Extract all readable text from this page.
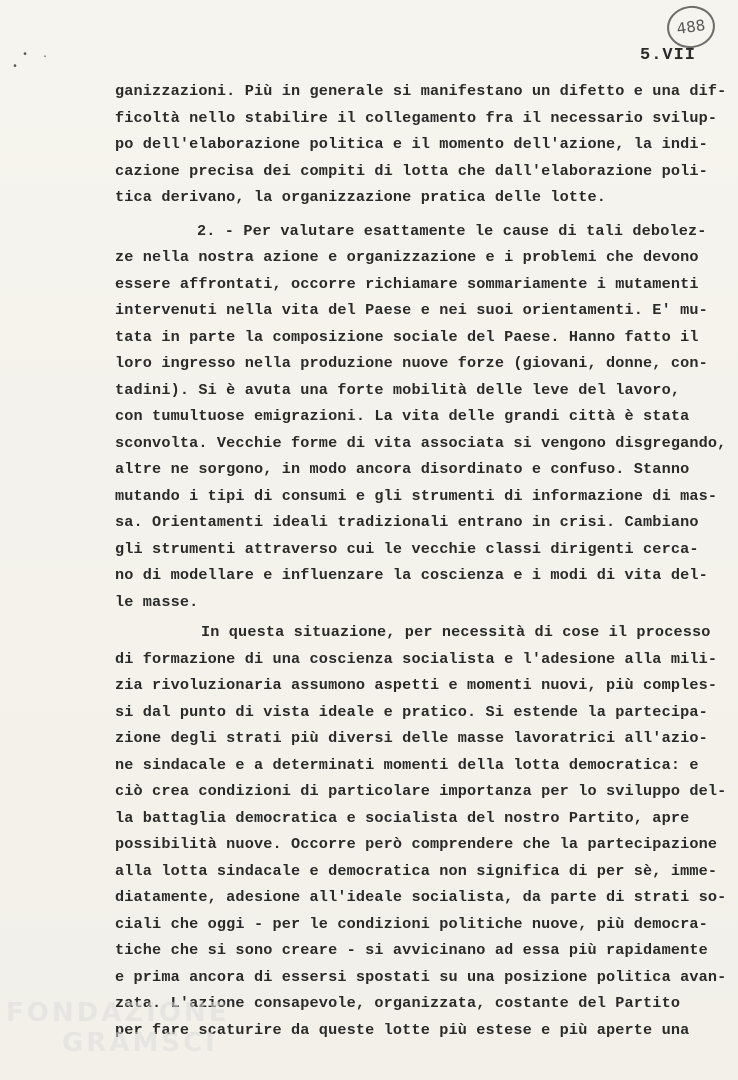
488
5.VII
• ·
•
ganizzazioni. Più in generale si manifestano un difetto e una dif-
ficoltà nello stabilire il collegamento fra il necessario svilup-
po dell'elaborazione politica e il momento dell'azione, la indi-
cazione precisa dei compiti di lotta che dall'elaborazione poli-
tica derivano, la organizzazione pratica delle lotte.
2. - Per valutare esattamente le cause di tali debolez-
ze nella nostra azione e organizzazione e i problemi che devono
essere affrontati, occorre richiamare sommariamente i mutamenti
intervenuti nella vita del Paese e nei suoi orientamenti. E' mu-
tata in parte la composizione sociale del Paese. Hanno fatto il
loro ingresso nella produzione nuove forze (giovani, donne, con-
tadini). Si è avuta una forte mobilità delle leve del lavoro,
con tumultuose emigrazioni. La vita delle grandi città è stata
sconvolta. Vecchie forme di vita associata si vengono disgregando,
altre ne sorgono, in modo ancora disordinato e confuso. Stanno
mutando i tipi di consumi e gli strumenti di informazione di mas-
sa. Orientamenti ideali tradizionali entrano in crisi. Cambiano
gli strumenti attraverso cui le vecchie classi dirigenti cerca-
no di modellare e influenzare la coscienza e i modi di vita del-
le masse.
In questa situazione, per necessità di cose il processo
di formazione di una coscienza socialista e l'adesione alla mili-
zia rivoluzionaria assumono aspetti e momenti nuovi, più comples-
si dal punto di vista ideale e pratico. Si estende la partecipa-
zione degli strati più diversi delle masse lavoratrici all'azio-
ne sindacale e a determinati momenti della lotta democratica: e
ciò crea condizioni di particolare importanza per lo sviluppo del-
la battaglia democratica e socialista del nostro Partito, apre
possibilità nuove. Occorre però comprendere che la partecipazione
alla lotta sindacale e democratica non significa di per sè, imme-
diatamente, adesione all'ideale socialista, da parte di strati so-
ciali che oggi - per le condizioni politiche nuove, più democra-
tiche che si sono creare - si avvicinano ad essa più rapidamente
e prima ancora di essersi spostati su una posizione politica avan-
zata. L'azione consapevole, organizzata, costante del Partito
per fare scaturire da queste lotte più estese e più aperte una
FONDAZIONE
GRAMSCI
